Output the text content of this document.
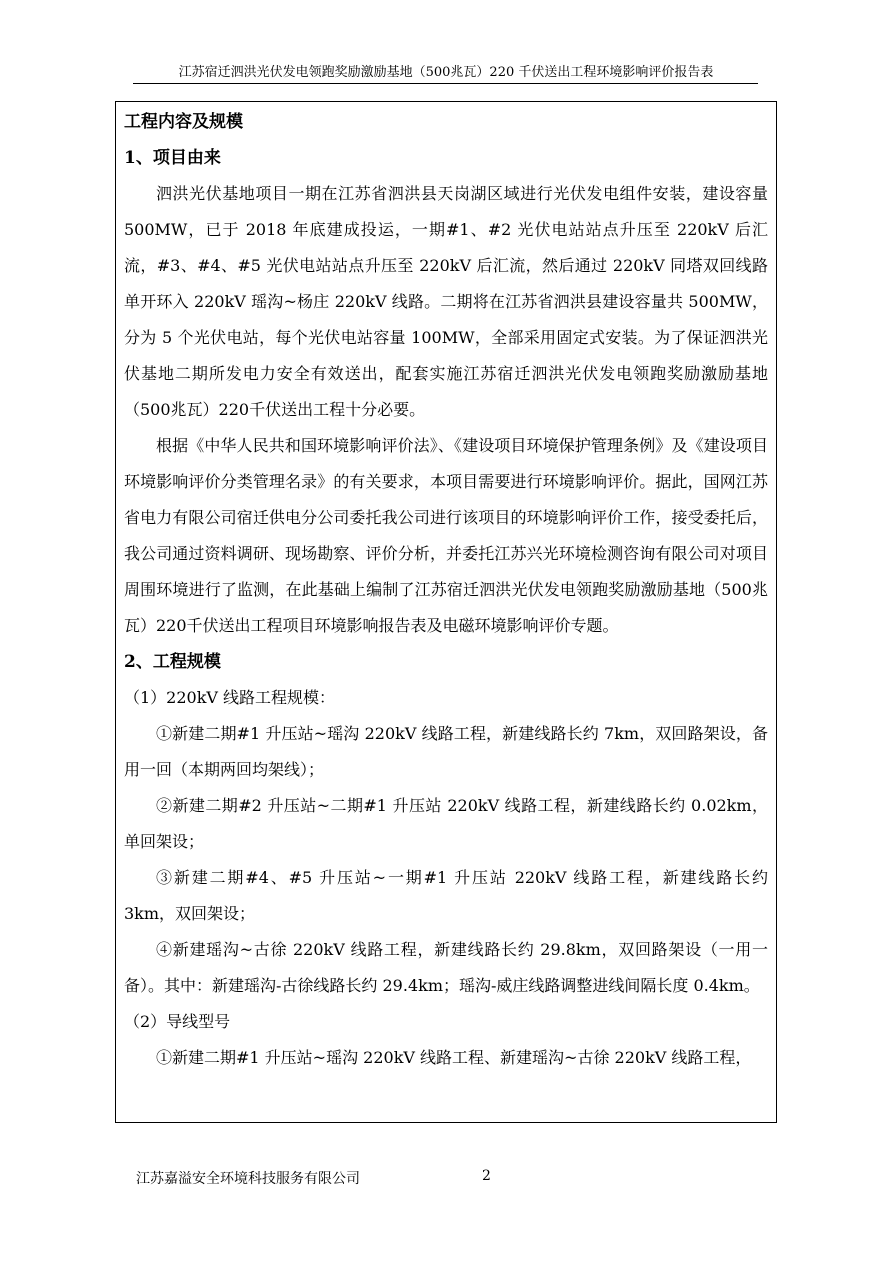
江苏宿迁泗洪光伏发电领跑奖励激励基地（500兆瓦）220 千伏送出工程环境影响评价报告表

工程内容及规模

1、项目由来

泗洪光伏基地项目一期在江苏省泗洪县天岗湖区域进行光伏发电组件安装，建设容量 500MW，已于 2018 年底建成投运，一期#1、#2 光伏电站站点升压至 220kV 后汇流，#3、#4、#5 光伏电站站点升压至 220kV 后汇流，然后通过 220kV 同塔双回线路单开环入 220kV 瑶沟~杨庄 220kV 线路。二期将在江苏省泗洪县建设容量共 500MW，分为 5 个光伏电站，每个光伏电站容量 100MW，全部采用固定式安装。为了保证泗洪光伏基地二期所发电力安全有效送出，配套实施江苏宿迁泗洪光伏发电领跑奖励激励基地（500兆瓦）220千伏送出工程十分必要。

根据《中华人民共和国环境影响评价法》、《建设项目环境保护管理条例》及《建设项目环境影响评价分类管理名录》的有关要求，本项目需要进行环境影响评价。据此，国网江苏省电力有限公司宿迁供电分公司委托我公司进行该项目的环境影响评价工作，接受委托后，我公司通过资料调研、现场勘察、评价分析，并委托江苏兴光环境检测咨询有限公司对项目周围环境进行了监测，在此基础上编制了江苏宿迁泗洪光伏发电领跑奖励激励基地（500兆瓦）220千伏送出工程项目环境影响报告表及电磁环境影响评价专题。

2、工程规模

（1）220kV 线路工程规模：

①新建二期#1 升压站~瑶沟 220kV 线路工程，新建线路长约 7km，双回路架设，备用一回（本期两回均架线）；

②新建二期#2 升压站~二期#1 升压站 220kV 线路工程，新建线路长约 0.02km，单回架设；

③新建二期#4、#5 升压站~一期#1 升压站 220kV 线路工程，新建线路长约 3km，双回架设；

④新建瑶沟~古徐 220kV 线路工程，新建线路长约 29.8km，双回路架设（一用一备）。其中：新建瑶沟-古徐线路长约 29.4km；瑶沟-威庄线路调整进线间隔长度 0.4km。

（2）导线型号

①新建二期#1 升压站~瑶沟 220kV 线路工程、新建瑶沟~古徐 220kV 线路工程，

江苏嘉溢安全环境科技服务有限公司	2
